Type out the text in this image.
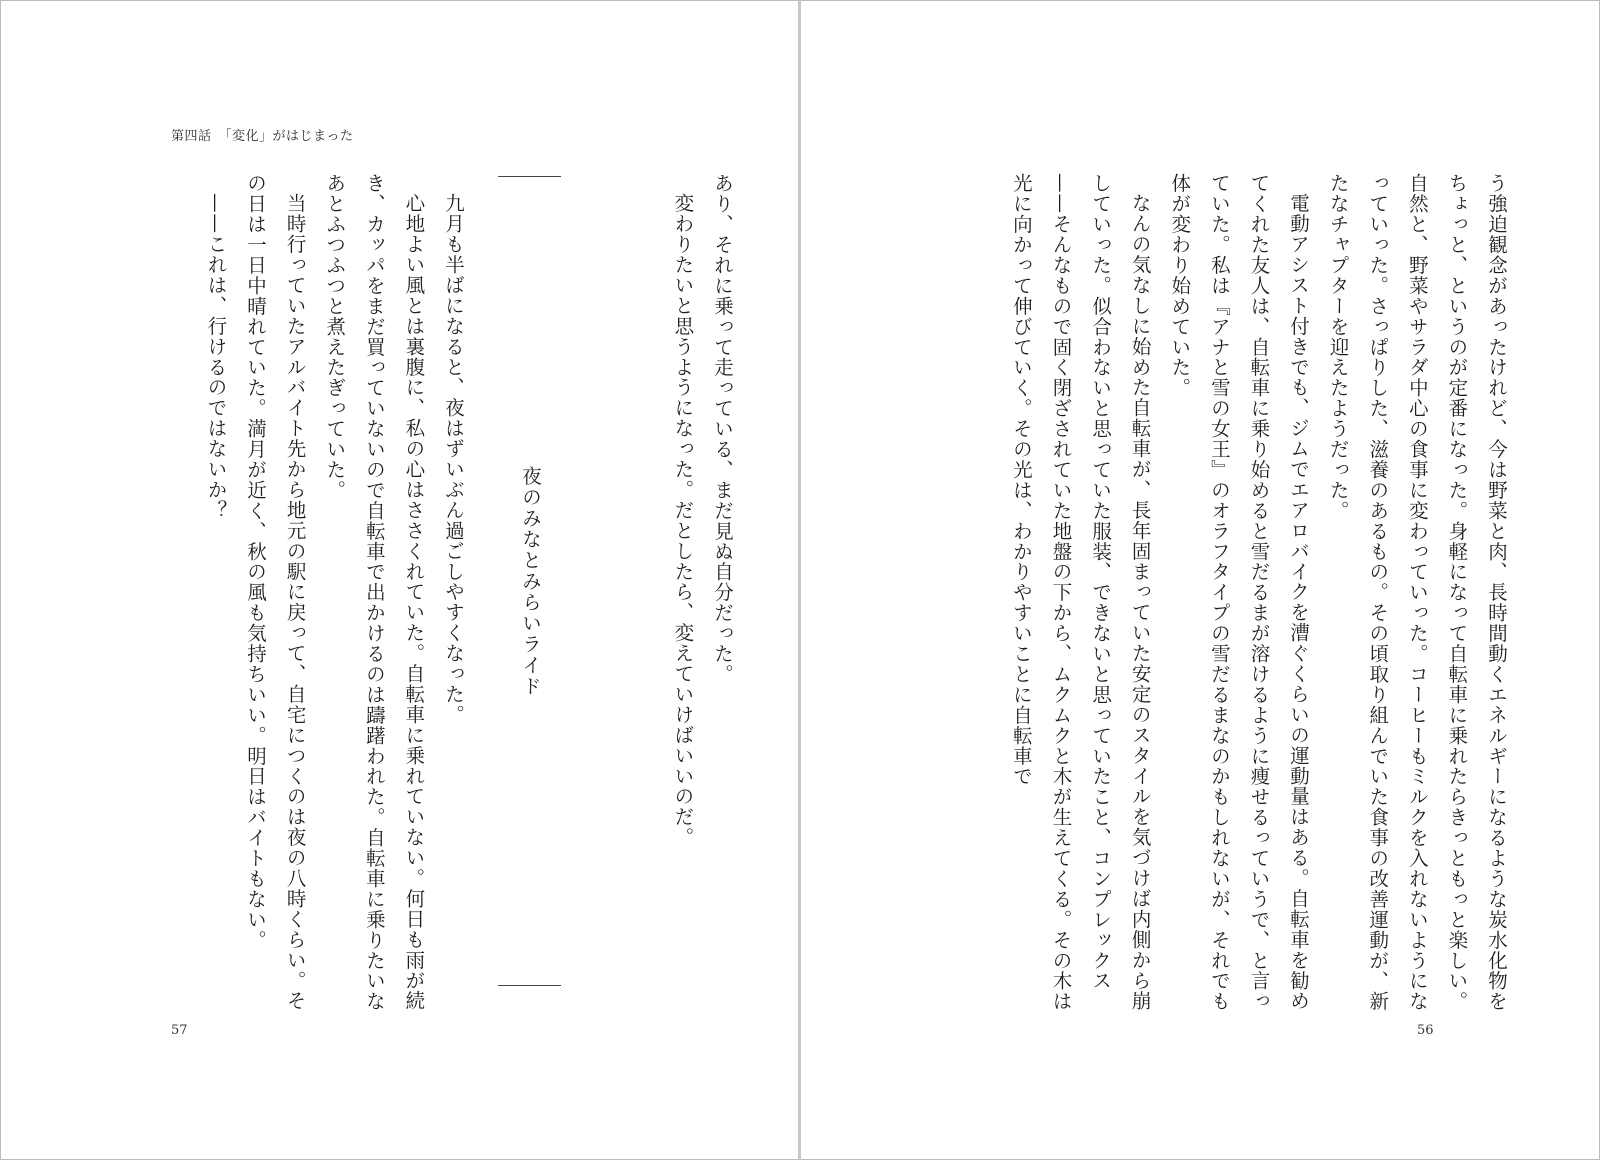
第四話　「変化」がはじまった

あり、それに乗って走っている、まだ見ぬ自分だった。

変わりたいと思うようになった。だとしたら、変えていけばいいのだ。

夜のみなとみらいライド

九月も半ばになると、夜はずいぶん過ごしやすくなった。

心地よい風とは裏腹に、私の心はささくれていた。自転車に乗れていない。何日も雨が続き、カッパをまだ買っていないので自転車で出かけるのは躊躇われた。自転車に乗りたいなあとふつふつと煮えたぎっていた。

当時行っていたアルバイト先から地元の駅に戻って、自宅につくのは夜の八時くらい。その日は一日中晴れていた。満月が近く、秋の風も気持ちいい。明日はバイトもない。

——これは、行けるのではないか？

57

う強迫観念があったけれど、今は野菜と肉、長時間動くエネルギーになるような炭水化物をちょっと、というのが定番になった。身軽になって自転車に乗れたらきっともっと楽しい。自然と、野菜やサラダ中心の食事に変わっていった。コーヒーもミルクを入れないようになっていった。さっぱりした、滋養のあるもの。その頃取り組んでいた食事の改善運動が、新たなチャプターを迎えたようだった。

電動アシスト付きでも、ジムでエアロバイクを漕ぐくらいの運動量はある。自転車を勧めてくれた友人は、自転車に乗り始めると雪だるまが溶けるように痩せるっていうで、と言っていた。私は『アナと雪の女王』のオラフタイプの雪だるまなのかもしれないが、それでも体が変わり始めていた。

なんの気なしに始めた自転車が、長年固まっていた安定のスタイルを気づけば内側から崩していった。似合わないと思っていた服装、できないと思っていたこと、コンプレックス——そんなもので固く閉ざされていた地盤の下から、ムクムクと木が生えてくる。その木は光に向かって伸びていく。その光は、わかりやすいことに自転車で

56
